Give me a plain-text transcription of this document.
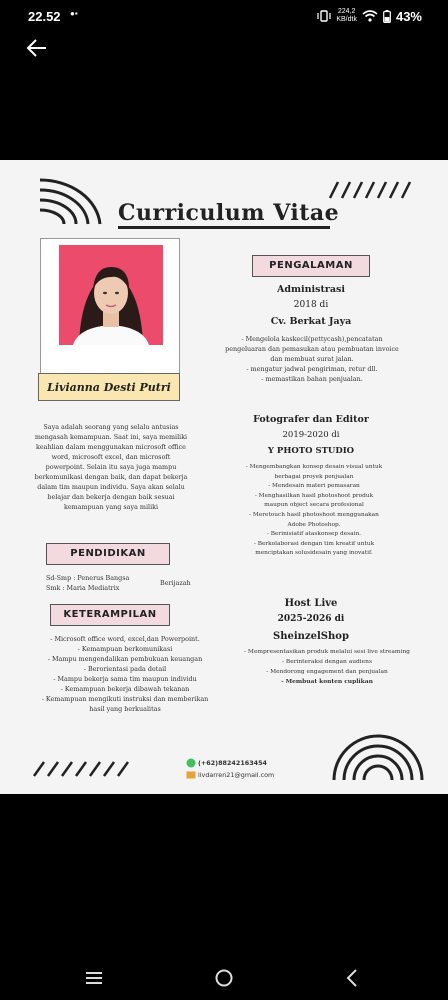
22.52 ●▪	224,2
KB/dtk	43%
Curriculum Vitae
Livianna Desti Putri
Saya adalah seorang yang selalu antusias
mengasah kemampuan. Saat ini, saya memiliki
keahlian dalam menggunakan microsoft office
word, microsoft excel, dan microsoft
powerpoint. Selain itu saya juga mampu
berkomunikasi dengan baik, dan dapat bekerja
dalam tim maupun individu. Saya akan selalu
belajar dan bekerja dengan baik sesuai
kemampuan yang saya miliki
PENDIDIKAN
Sd-Smp : Penerus Bangsa
Smk : Maria Mediatrix
Berijazah
KETERAMPILAN
- Microsoft office word, excel,dan Powerpoint.
- Kemampuan berkomunikasi
- Mampu mengendalikan pembukuan keuangan
- Berorientasi pada detail
- Mampu bekerja sama tim maupun individu
- Kemampuan bekerja dibawah tekanan
- Kemampuan mengikuti instruksi dan memberikan
hasil yang berkualitas
PENGALAMAN
Administrasi
2018 di
Cv. Berkat Jaya
- Mengelola kaskecil(pettycash),pencatatan
pengeluaran dan pemasukan atau pembuatan invoice
dan membuat surat jalan.
- mengatur jadwal pengiriman, retur dll.
- memastikan bahan penjualan.
Fotografer dan Editor
2019-2020 di
Y PHOTO STUDIO
- Mengembangkan konsep desain visual untuk
berbagai proyek penjualan
- Mendesain materi pemasaran
- Menghasilkan hasil photoshoot produk
maupun object secara profesional
- Meretouch hasil photoshoot menggunakan
Adobe Photoshop.
- Berinisiatif ataskonsep desain.
- Berkolaborasi dengan tim kreatif untuk
menciptakan solusidesain yang inovatif.
Host Live
2025-2026 di
SheinzelShop
- Mempresentasikan produk melalui sesi live streaming
- Berinteraksi dengan audiens
- Mendorong engagement dan penjualan
- Membuat konten cuplikan
(+62)88242163454
livdarren21@gmail.com
